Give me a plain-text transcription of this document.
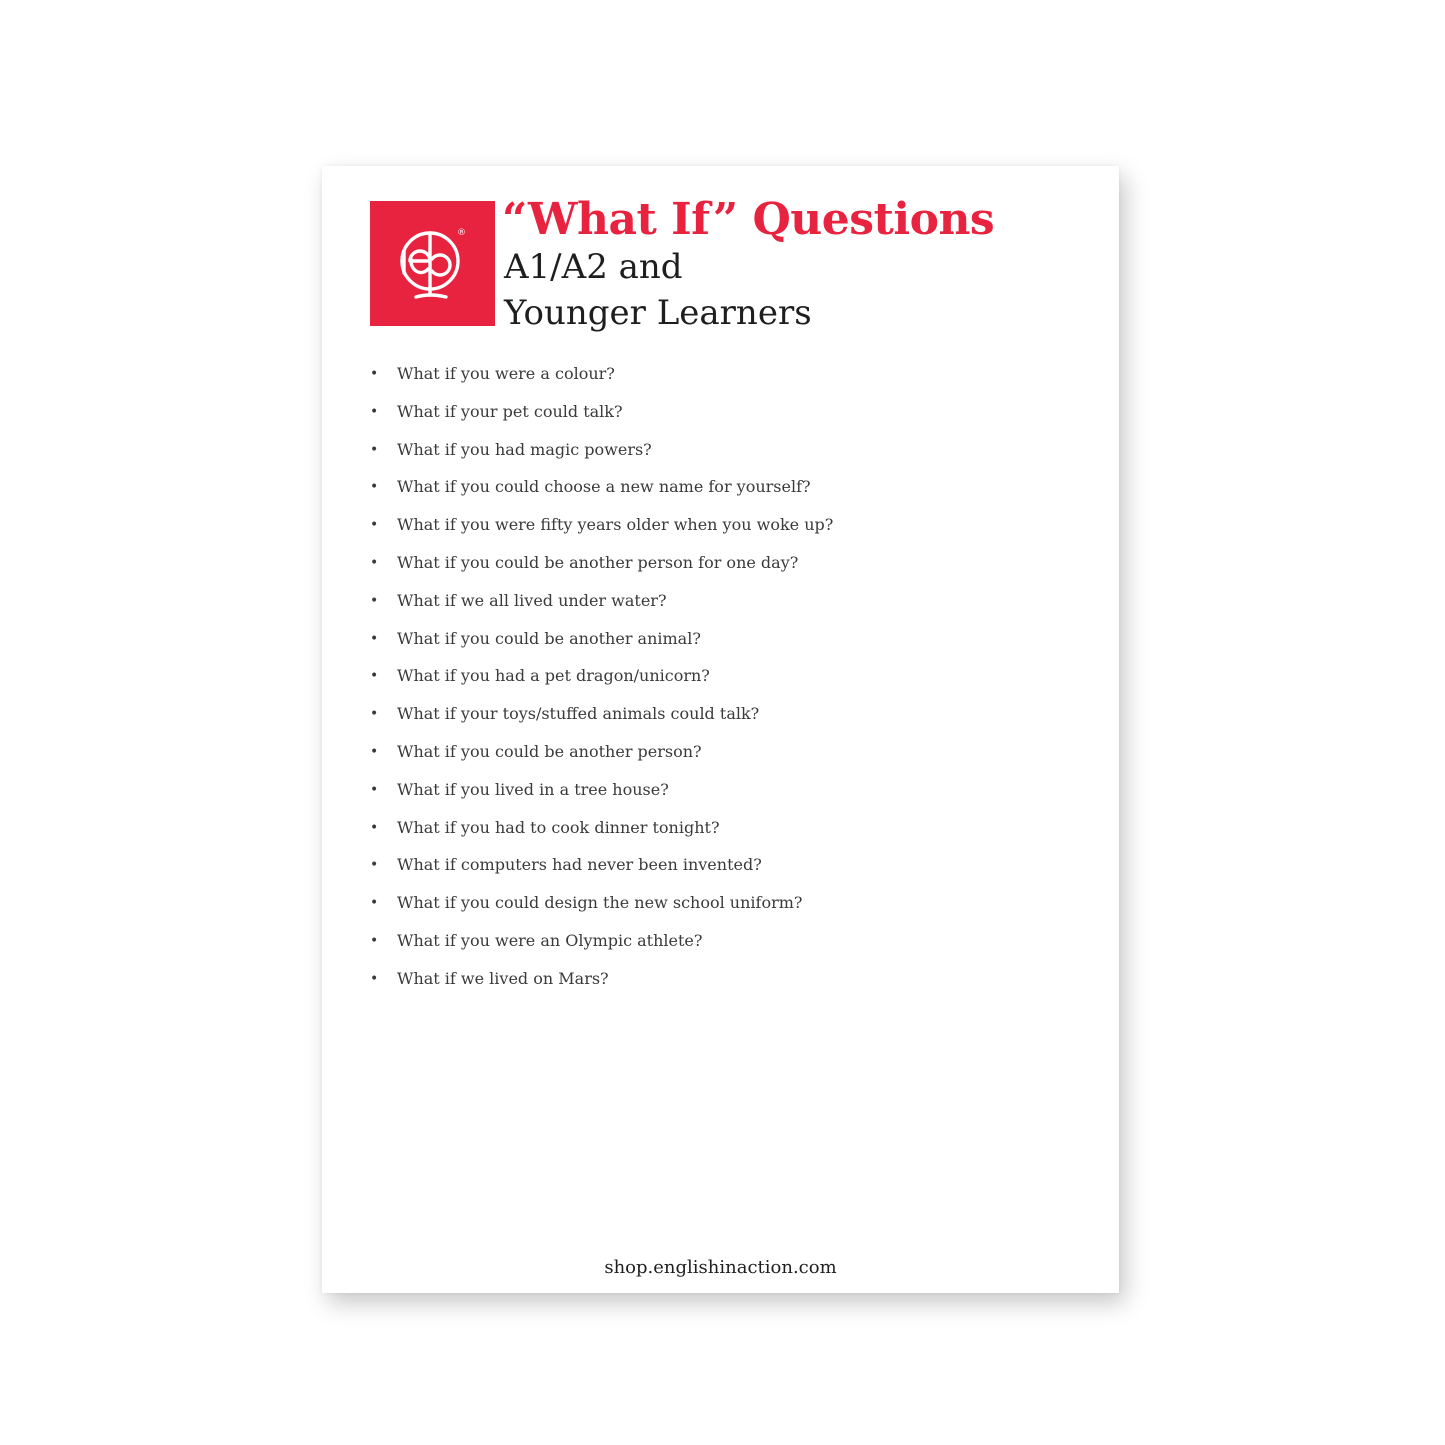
® “What If” Questions
A1/A2 and
Younger Learners
•	What if you were a colour?
•	What if your pet could talk?
•	What if you had magic powers?
•	What if you could choose a new name for yourself?
•	What if you were fifty years older when you woke up?
•	What if you could be another person for one day?
•	What if we all lived under water?
•	What if you could be another animal?
•	What if you had a pet dragon/unicorn?
•	What if your toys/stuffed animals could talk?
•	What if you could be another person?
•	What if you lived in a tree house?
•	What if you had to cook dinner tonight?
•	What if computers had never been invented?
•	What if you could design the new school uniform?
•	What if you were an Olympic athlete?
•	What if we lived on Mars?
shop.englishinaction.com
